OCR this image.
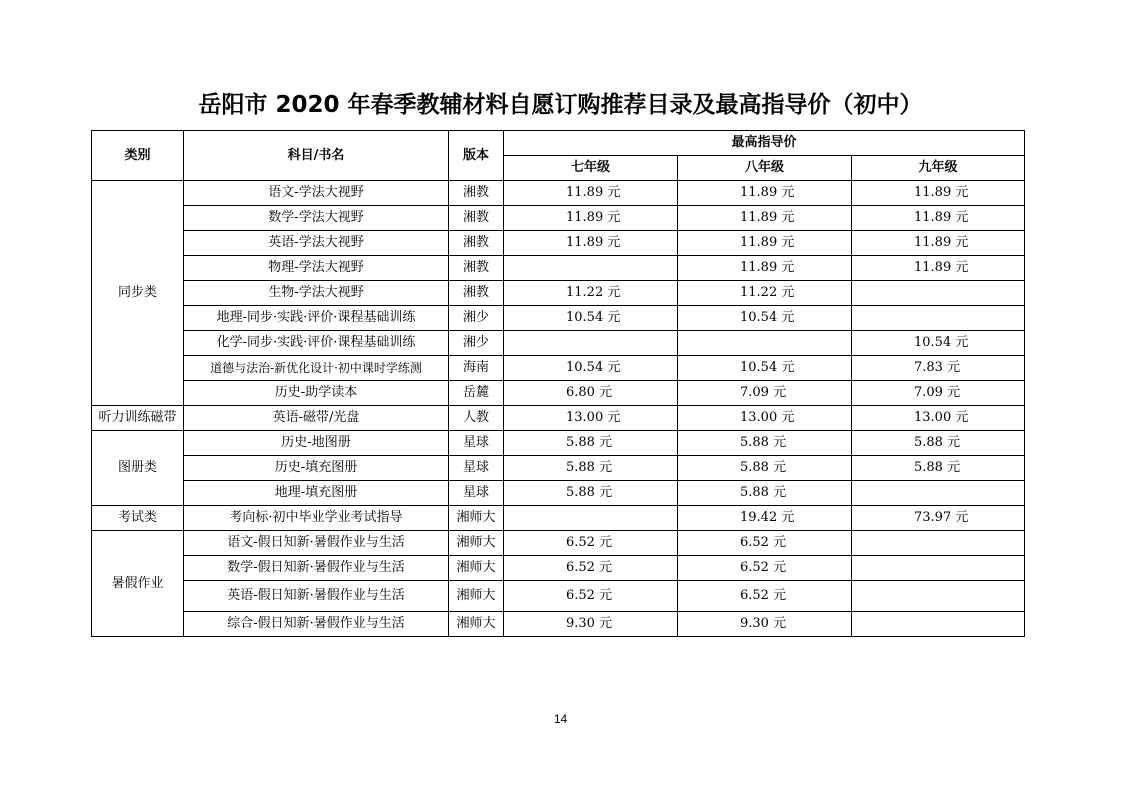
岳阳市 2020 年春季教辅材料自愿订购推荐目录及最高指导价（初中）
类别	科目/书名	版本	最高指导价		
			七年级	八年级	九年级
同步类	语文-学法大视野	湘教	11.89 元	11.89 元	11.89 元
	数学-学法大视野	湘教	11.89 元	11.89 元	11.89 元
	英语-学法大视野	湘教	11.89 元	11.89 元	11.89 元
	物理-学法大视野	湘教		11.89 元	11.89 元
	生物-学法大视野	湘教	11.22 元	11.22 元	
	地理-同步·实践·评价·课程基础训练	湘少	10.54 元	10.54 元	
	化学-同步·实践·评价·课程基础训练	湘少			10.54 元
	道德与法治-新优化设计·初中课时学练测	海南	10.54 元	10.54 元	7.83 元
	历史-助学读本	岳麓	6.80 元	7.09 元	7.09 元
听力训练磁带	英语-磁带/光盘	人教	13.00 元	13.00 元	13.00 元
图册类	历史-地图册	星球	5.88 元	5.88 元	5.88 元
	历史-填充图册	星球	5.88 元	5.88 元	5.88 元
	地理-填充图册	星球	5.88 元	5.88 元	
考试类	考向标·初中毕业学业考试指导	湘师大		19.42 元	73.97 元
暑假作业	语文-假日知新·暑假作业与生活	湘师大	6.52 元	6.52 元	
	数学-假日知新·暑假作业与生活	湘师大	6.52 元	6.52 元	
	英语-假日知新·暑假作业与生活	湘师大	6.52 元	6.52 元	
	综合-假日知新·暑假作业与生活	湘师大	9.30 元	9.30 元	
14
